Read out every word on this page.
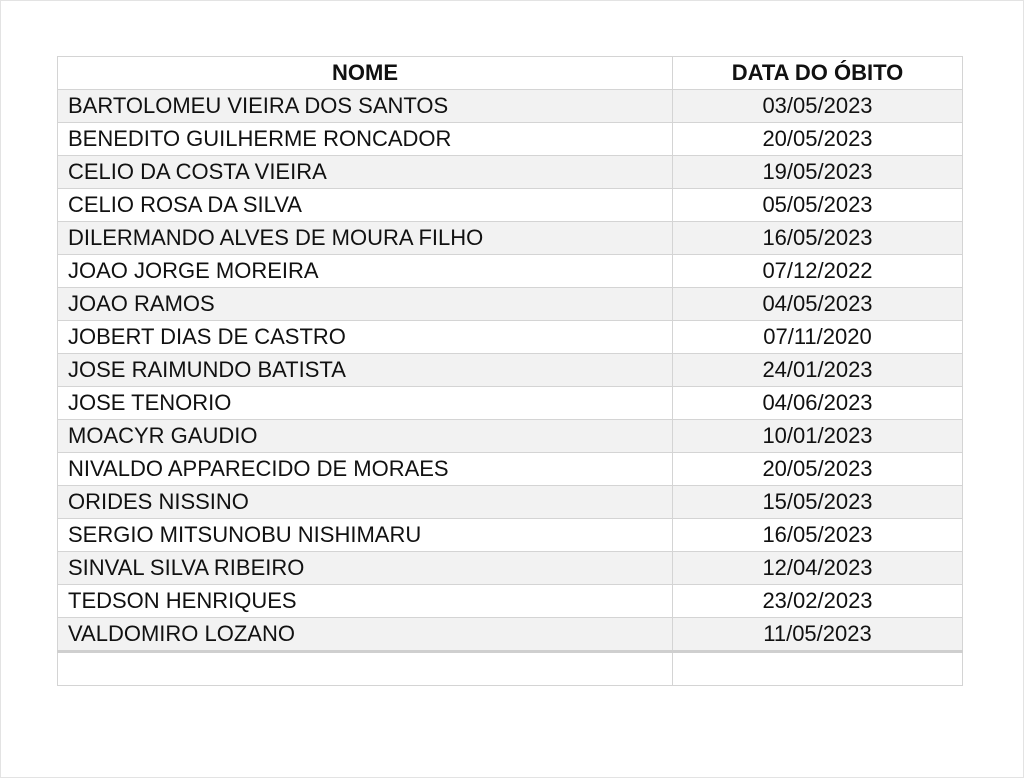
NOME	DATA DO ÓBITO
BARTOLOMEU VIEIRA DOS SANTOS	03/05/2023
BENEDITO GUILHERME RONCADOR	20/05/2023
CELIO DA COSTA VIEIRA	19/05/2023
CELIO ROSA DA SILVA	05/05/2023
DILERMANDO ALVES DE MOURA FILHO	16/05/2023
JOAO JORGE MOREIRA	07/12/2022
JOAO RAMOS	04/05/2023
JOBERT DIAS DE CASTRO	07/11/2020
JOSE RAIMUNDO BATISTA	24/01/2023
JOSE TENORIO	04/06/2023
MOACYR GAUDIO	10/01/2023
NIVALDO APPARECIDO DE MORAES	20/05/2023
ORIDES NISSINO	15/05/2023
SERGIO MITSUNOBU NISHIMARU	16/05/2023
SINVAL SILVA RIBEIRO	12/04/2023
TEDSON HENRIQUES	23/02/2023
VALDOMIRO LOZANO	11/05/2023
